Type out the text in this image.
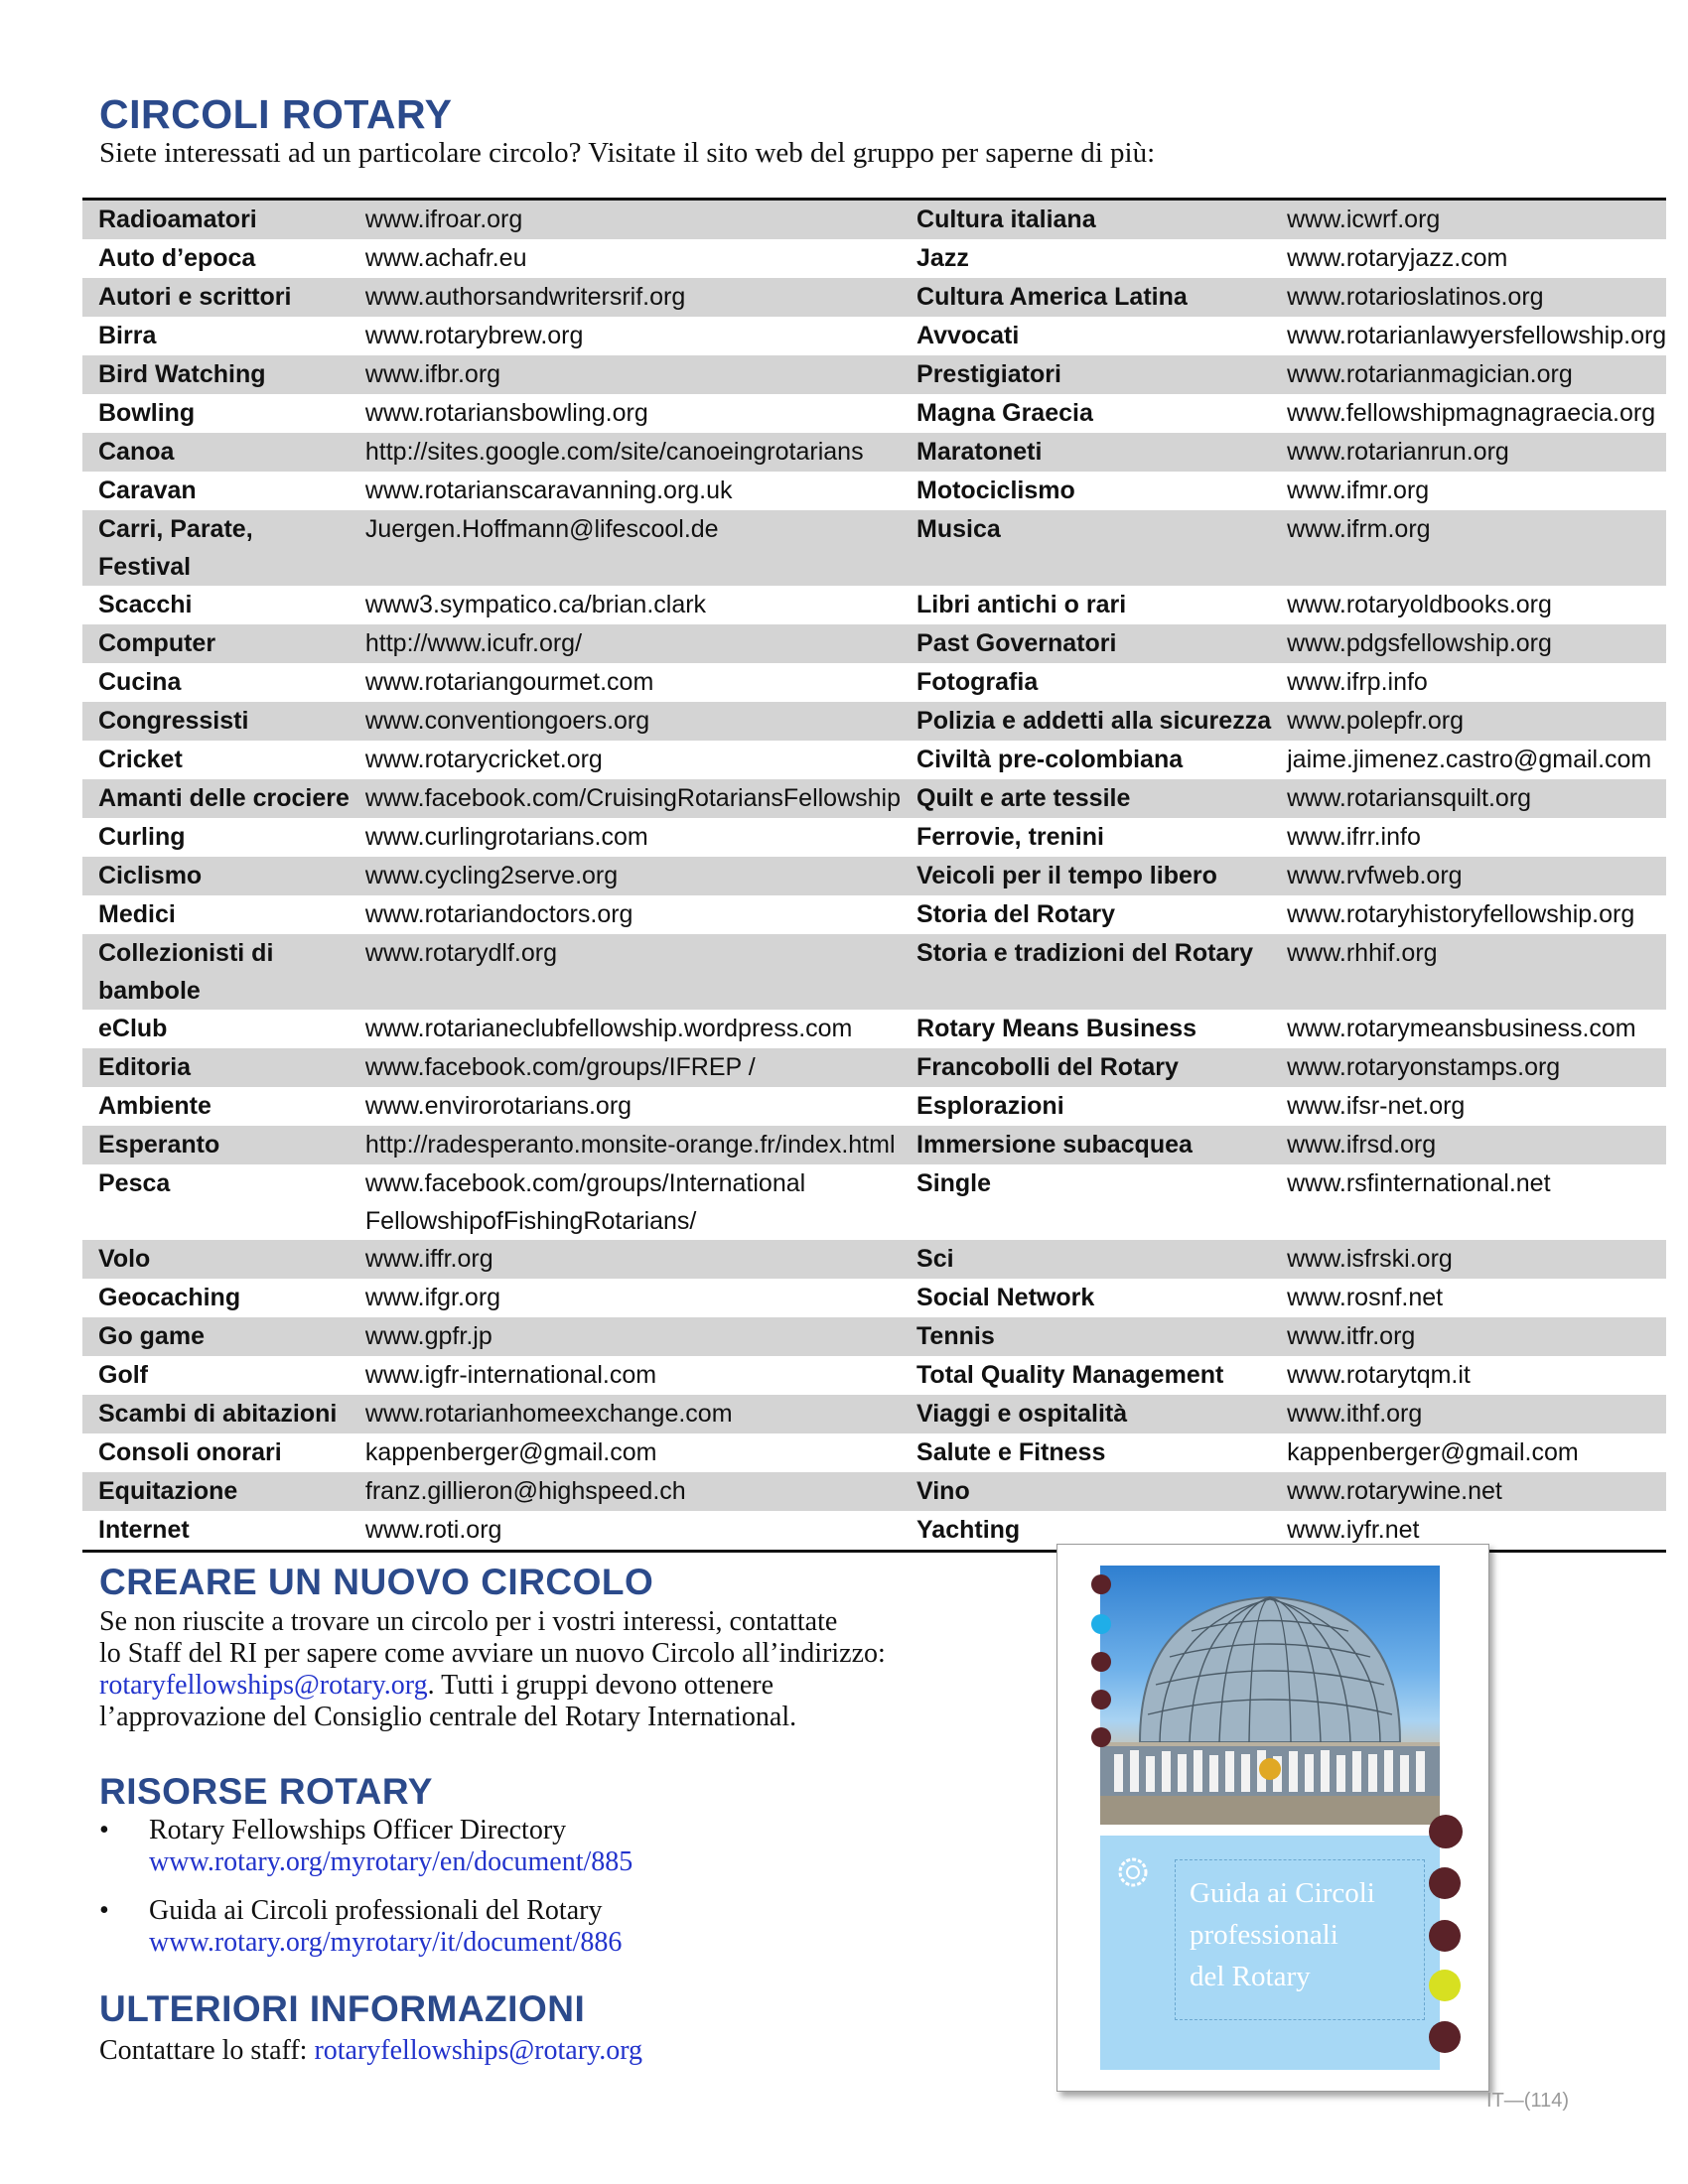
CIRCOLI ROTARY

Siete interessati ad un particolare circolo? Visitate il sito web del gruppo per saperne di più:

Radioamatori	www.ifroar.org	Cultura italiana	www.icwrf.org
Auto d’epoca	www.achafr.eu	Jazz	www.rotaryjazz.com
Autori e scrittori	www.authorsandwritersrif.org	Cultura America Latina	www.rotarioslatinos.org
Birra	www.rotarybrew.org	Avvocati	www.rotarianlawyersfellowship.org
Bird Watching	www.ifbr.org	Prestigiatori	www.rotarianmagician.org
Bowling	www.rotariansbowling.org	Magna Graecia	www.fellowshipmagnagraecia.org
Canoa	http://sites.google.com/site/canoeingrotarians	Maratoneti	www.rotarianrun.org
Caravan	www.rotarianscaravanning.org.uk	Motociclismo	www.ifmr.org
Carri, Parate, Festival	Juergen.Hoffmann@lifescool.de	Musica	www.ifrm.org
Scacchi	www3.sympatico.ca/brian.clark	Libri antichi o rari	www.rotaryoldbooks.org
Computer	http://www.icufr.org/	Past Governatori	www.pdgsfellowship.org
Cucina	www.rotariangourmet.com	Fotografia	www.ifrp.info
Congressisti	www.conventiongoers.org	Polizia e addetti alla sicurezza	www.polepfr.org
Cricket	www.rotarycricket.org	Civiltà pre-colombiana	jaime.jimenez.castro@gmail.com
Amanti delle crociere	www.facebook.com/CruisingRotariansFellowship	Quilt e arte tessile	www.rotariansquilt.org
Curling	www.curlingrotarians.com	Ferrovie, trenini	www.ifrr.info
Ciclismo	www.cycling2serve.org	Veicoli per il tempo libero	www.rvfweb.org
Medici	www.rotariandoctors.org	Storia del Rotary	www.rotaryhistoryfellowship.org
Collezionisti di bambole	www.rotarydlf.org	Storia e tradizioni del Rotary	www.rhhif.org
eClub	www.rotarianeclubfellowship.wordpress.com	Rotary Means Business	www.rotarymeansbusiness.com
Editoria	www.facebook.com/groups/IFREP /	Francobolli del Rotary	www.rotaryonstamps.org
Ambiente	www.envirorotarians.org	Esplorazioni	www.ifsr-net.org
Esperanto	http://radesperanto.monsite-orange.fr/index.html	Immersione subacquea	www.ifrsd.org
Pesca	www.facebook.com/groups/International FellowshipofFishingRotarians/	Single	www.rsfinternational.net
Volo	www.iffr.org	Sci	www.isfrski.org
Geocaching	www.ifgr.org	Social Network	www.rosnf.net
Go game	www.gpfr.jp	Tennis	www.itfr.org
Golf	www.igfr-international.com	Total Quality Management	www.rotarytqm.it
Scambi di abitazioni	www.rotarianhomeexchange.com	Viaggi e ospitalità	www.ithf.org
Consoli onorari	kappenberger@gmail.com	Salute e Fitness	kappenberger@gmail.com
Equitazione	franz.gillieron@highspeed.ch	Vino	www.rotarywine.net
Internet	www.roti.org	Yachting	www.iyfr.net
CREARE UN NUOVO CIRCOLO
Se non riuscite a trovare un circolo per i vostri interessi, contattate
lo Staff del RI per sapere come avviare un nuovo Circolo all’indirizzo:
rotaryfellowships@rotary.org. Tutti i gruppi devono ottenere
l’approvazione del Consiglio centrale del Rotary International.
RISORSE ROTARY
• Rotary Fellowships Officer Directory
www.rotary.org/myrotary/en/document/885
• Guida ai Circoli professionali del Rotary
www.rotary.org/myrotary/it/document/886
ULTERIORI INFORMAZIONI
Contattare lo staff: rotaryfellowships@rotary.org
Guida ai Circoli
professionali
del Rotary
IT—(114)
